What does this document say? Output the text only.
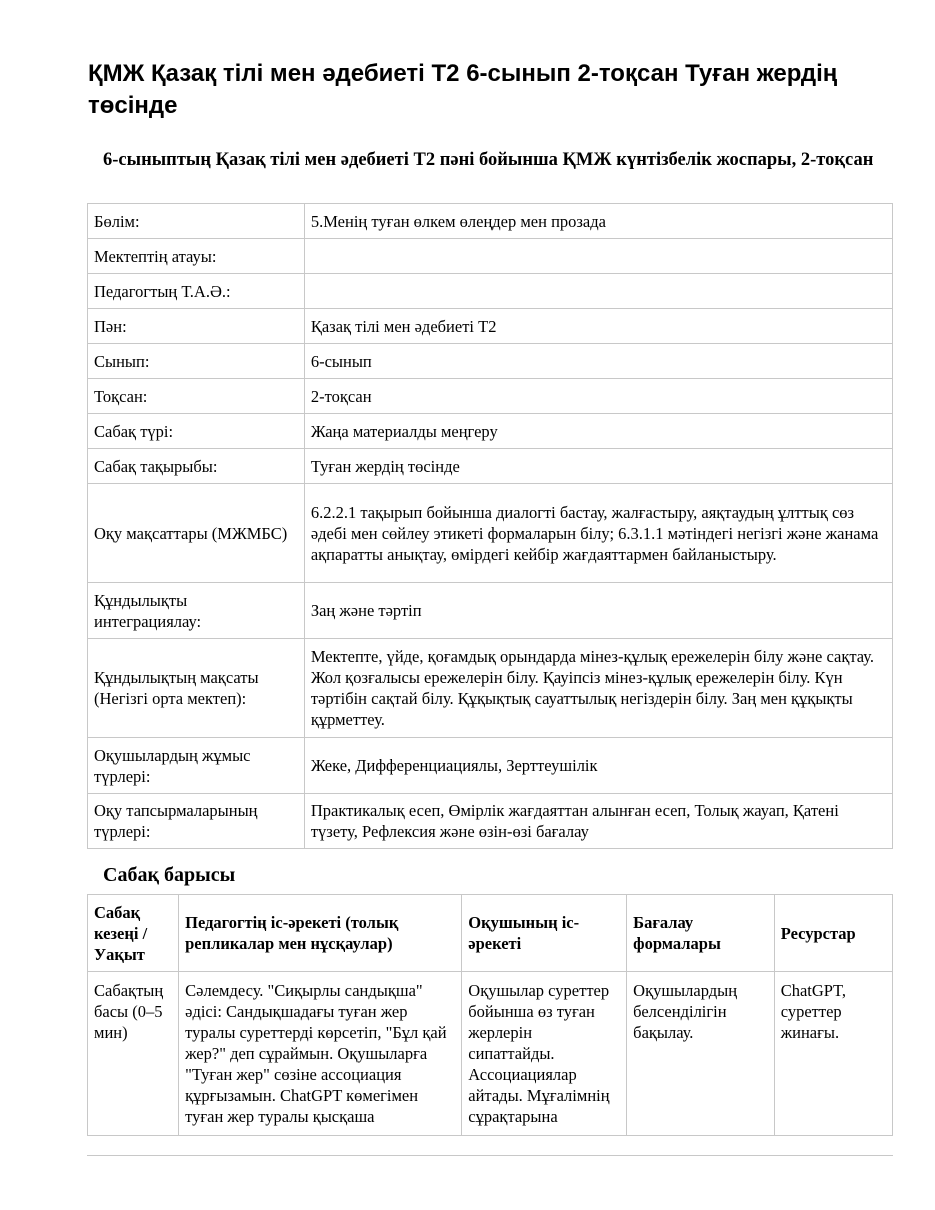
ҚМЖ Қазақ тілі мен әдебиеті Т2 6-сынып 2-тоқсан Туған жердің төсінде
6-сыныптың Қазақ тілі мен әдебиеті Т2 пәні бойынша ҚМЖ күнтізбелік жоспары, 2-тоқсан
Бөлім:	5.Менің туған өлкем өлеңдер мен прозада
Мектептің атауы:	
Педагогтың Т.А.Ә.:	
Пән:	Қазақ тілі мен әдебиеті Т2
Сынып:	6-сынып
Тоқсан:	2-тоқсан
Сабақ түрі:	Жаңа материалды меңгеру
Сабақ тақырыбы:	Туған жердің төсінде
Оқу мақсаттары (МЖМБС)	6.2.2.1 тақырып бойынша диалогті бастау, жалғастыру, аяқтаудың ұлттық сөз әдебі мен сөйлеу этикеті формаларын білу; 6.3.1.1 мәтіндегі негізгі және жанама ақпаратты анықтау, өмірдегі кейбір жағдаяттармен байланыстыру.
Құндылықты интеграциялау:	Заң және тәртіп
Құндылықтың мақсаты (Негізгі орта мектеп):	Мектепте, үйде, қоғамдық орындарда мінез-құлық ережелерін білу және сақтау. Жол қозғалысы ережелерін білу. Қауіпсіз мінез-құлық ережелерін білу. Күн тәртібін сақтай білу. Құқықтық сауаттылық негіздерін білу. Заң мен құқықты құрметтеу.
Оқушылардың жұмыс түрлері:	Жеке, Дифференциациялы, Зерттеушілік
Оқу тапсырмаларының түрлері:	Практикалық есеп, Өмірлік жағдаяттан алынған есеп, Толық жауап, Қатені түзету, Рефлексия және өзін-өзі бағалау
Сабақ барысы
Сабақ кезеңі / Уақыт	Педагогтің іс-әрекеті (толық репликалар мен нұсқаулар)	Оқушының іс-әрекеті	Бағалау формалары	Ресурстар
Сабақтың басы (0–5 мин)	Сәлемдесу. "Сиқырлы сандықша" әдісі: Сандықшадағы туған жер туралы суреттерді көрсетіп, "Бұл қай жер?" деп сұраймын. Оқушыларға "Туған жер" сөзіне ассоциация құрғызамын. ChatGPT көмегімен туған жер туралы қысқаша	Оқушылар суреттер бойынша өз туған жерлерін сипаттайды. Ассоциациялар айтады. Мұғалімнің сұрақтарына	Оқушылардың белсенділігін бақылау.	ChatGPT, суреттер жинағы.
